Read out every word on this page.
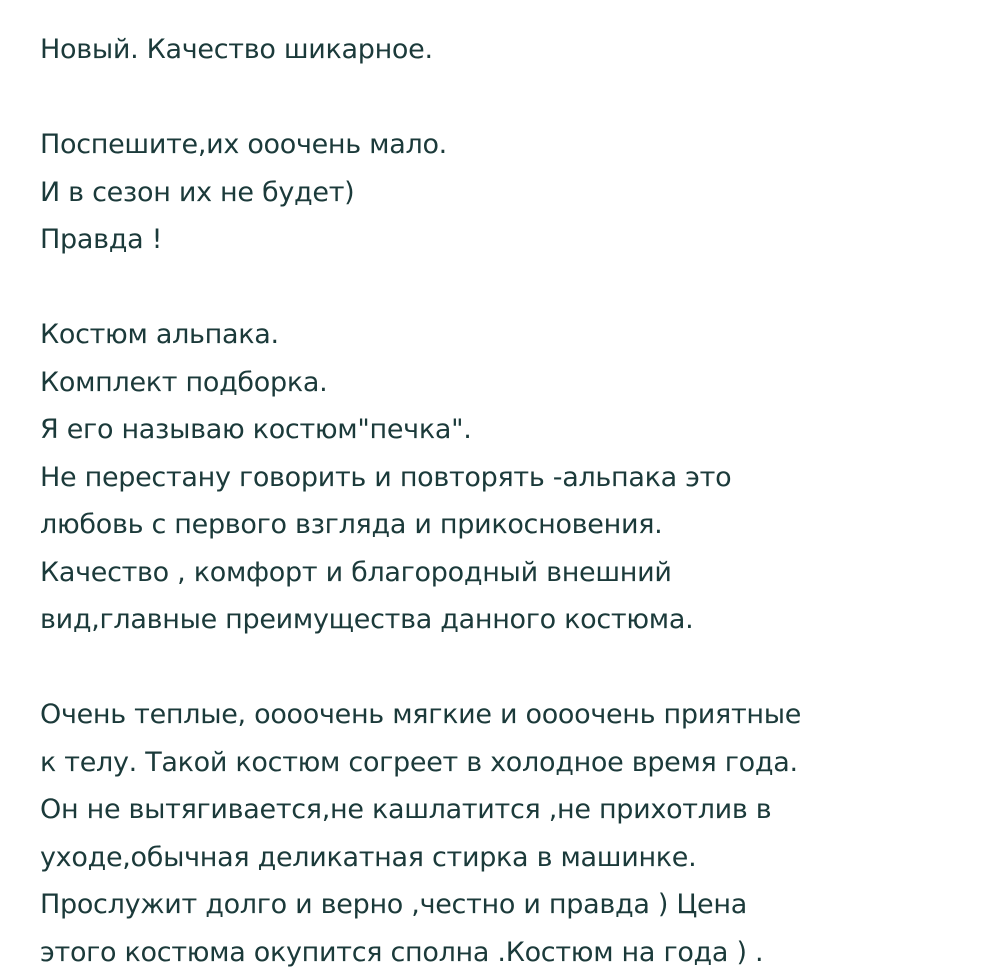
Новый. Качество шикарное.
Поспешите,их ооочень мало.
И в сезон их не будет)
Правда !
Костюм альпака.
Комплект подборка.
Я его называю костюм"печка".
Не перестану говорить и повторять -альпака это
любовь с первого взгляда и прикосновения.
Качество , комфорт и благородный внешний
вид,главные преимущества данного костюма.
Очень теплые, оооочень мягкие и оооочень приятные
к телу. Такой костюм согреет в холодное время года.
Он не вытягивается,не кашлатится ,не прихотлив в
уходе,обычная деликатная стирка в машинке.
Прослужит долго и верно ,честно и правда ) Цена
этого костюма окупится сполна .Костюм на года ) .
